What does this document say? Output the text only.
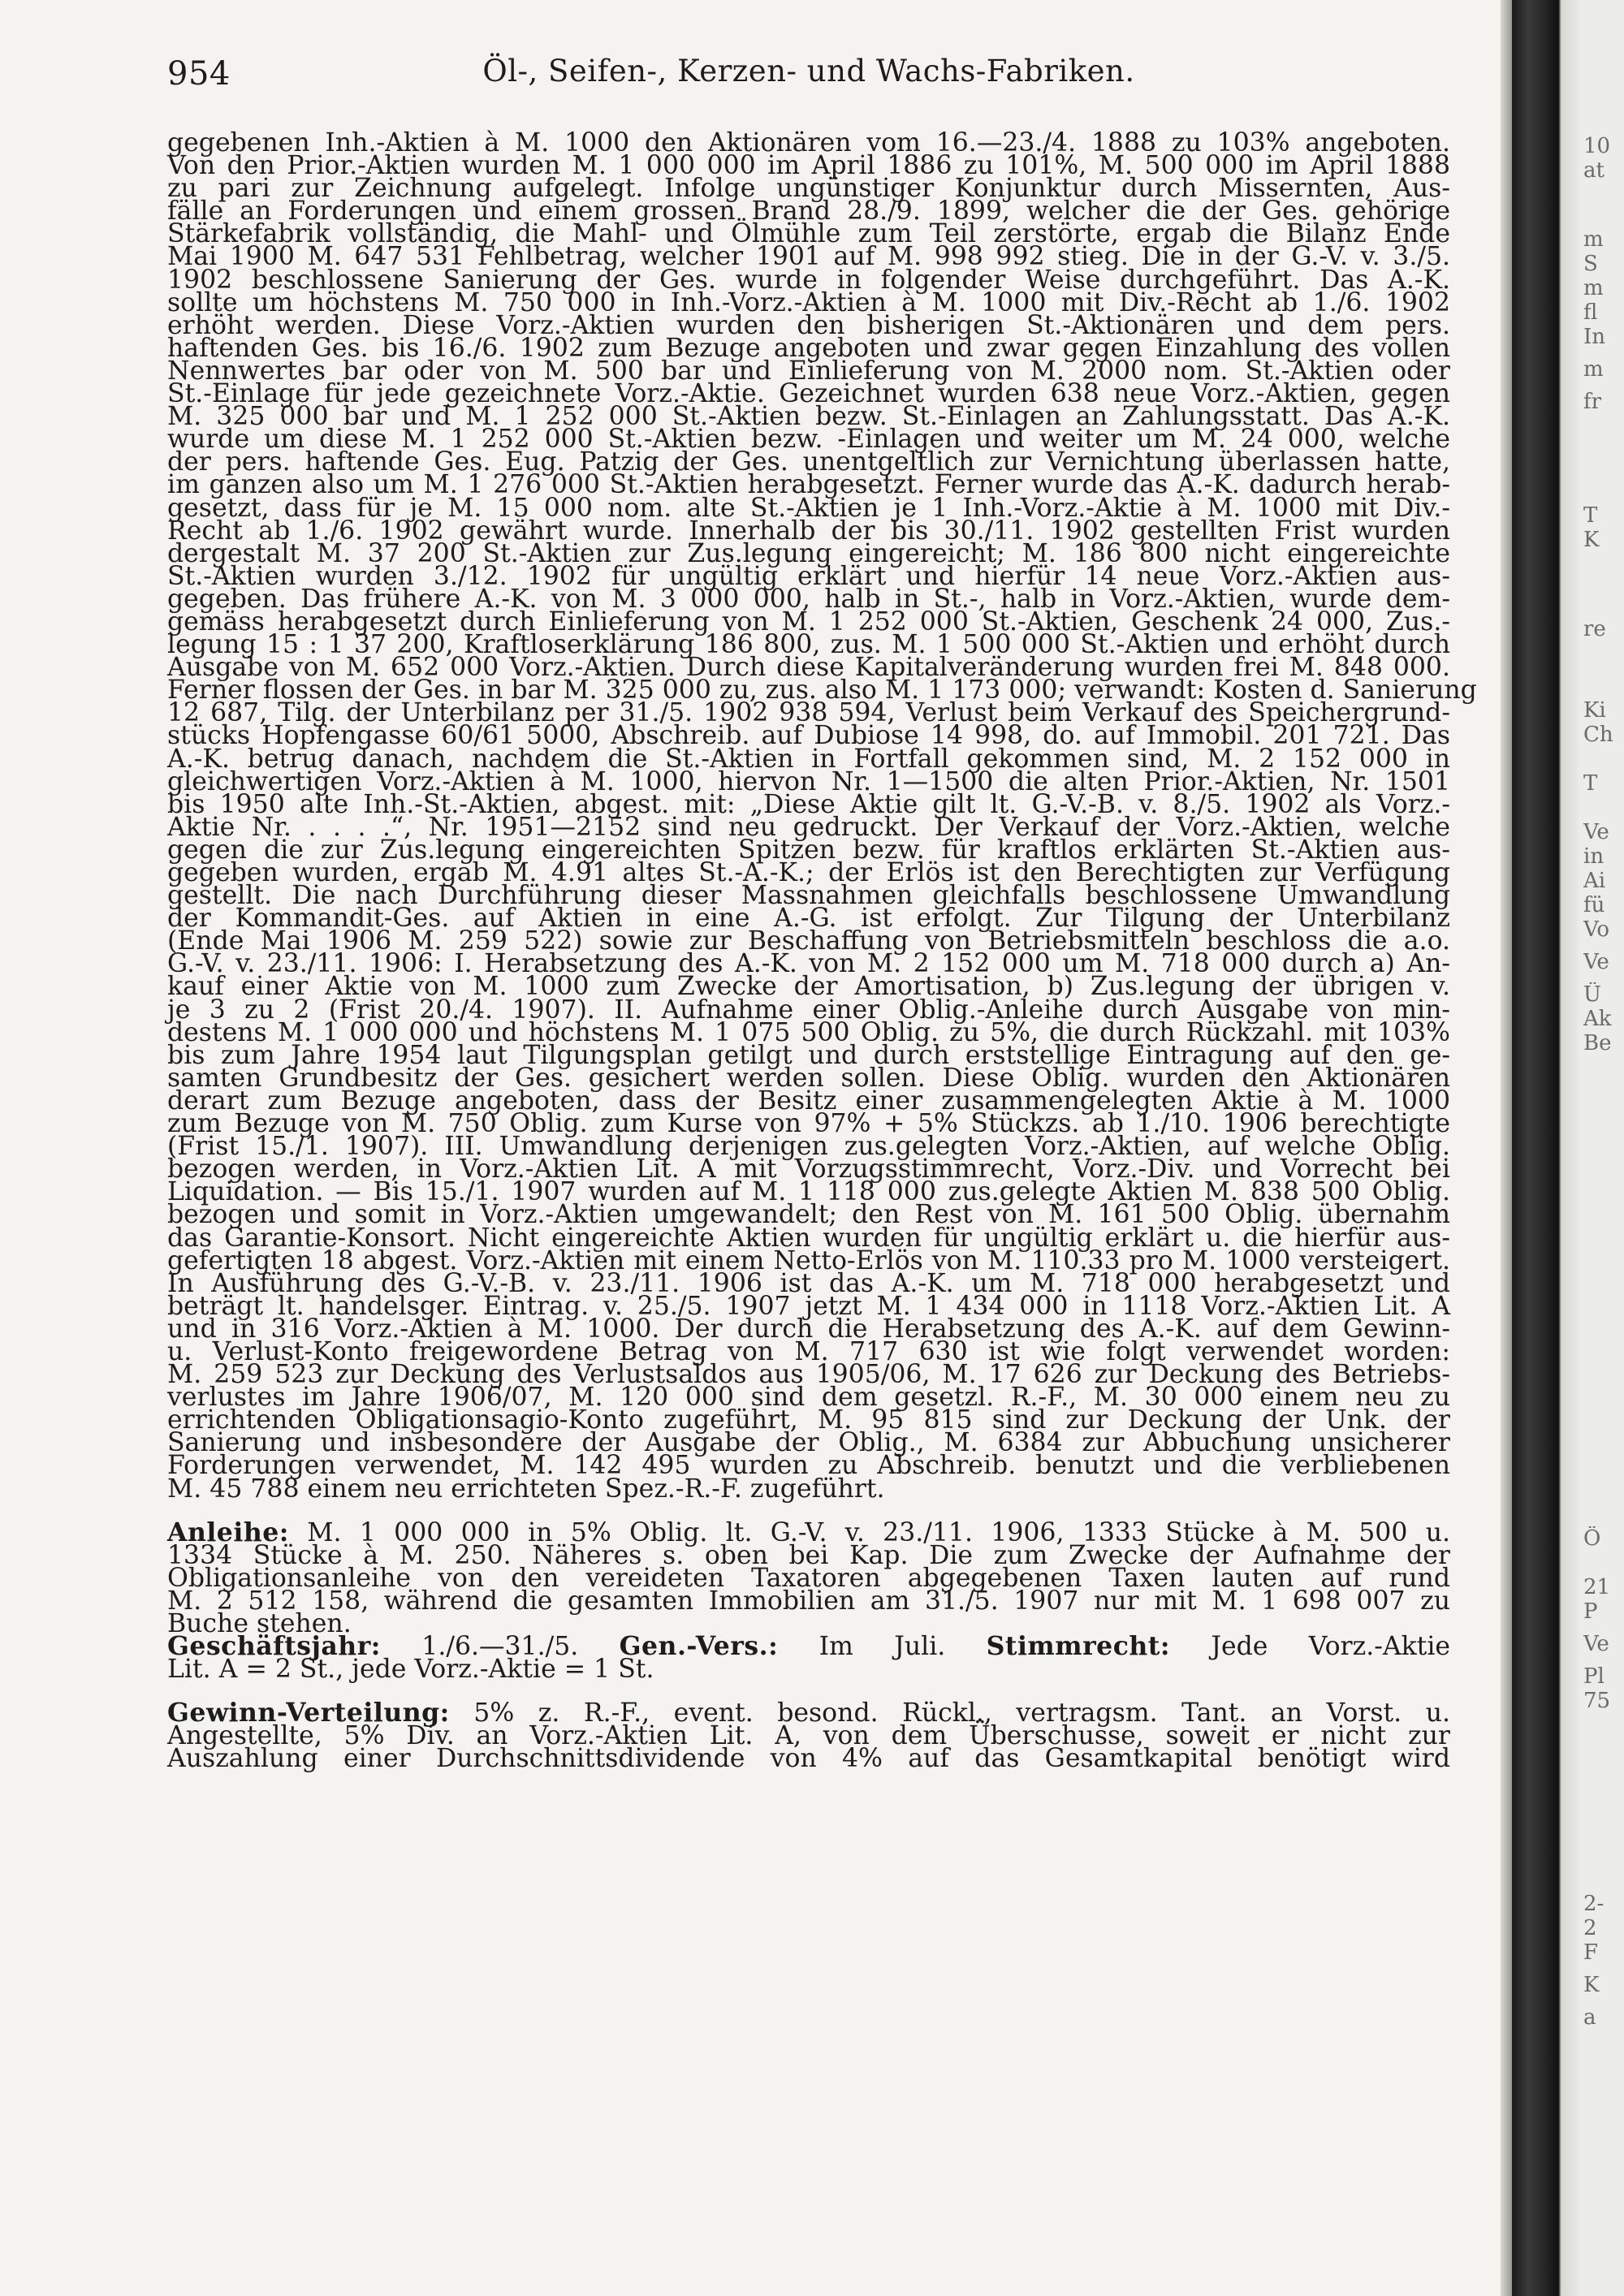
954	Öl-, Seifen-, Kerzen- und Wachs-Fabriken.
gegebenen Inh.-Aktien à M. 1000 den Aktionären vom 16.—23./4. 1888 zu 103% angeboten.
Von den Prior.-Aktien wurden M. 1 000 000 im April 1886 zu 101%, M. 500 000 im April 1888
zu pari zur Zeichnung aufgelegt. Infolge ungünstiger Konjunktur durch Missernten, Aus-
fälle an Forderungen und einem grossen Brand 28./9. 1899, welcher die der Ges. gehörige
Stärkefabrik vollständig, die Mahl- und Ölmühle zum Teil zerstörte, ergab die Bilanz Ende
Mai 1900 M. 647 531 Fehlbetrag, welcher 1901 auf M. 998 992 stieg. Die in der G.-V. v. 3./5.
1902 beschlossene Sanierung der Ges. wurde in folgender Weise durchgeführt. Das A.-K.
sollte um höchstens M. 750 000 in Inh.-Vorz.-Aktien à M. 1000 mit Div.-Recht ab 1./6. 1902
erhöht werden. Diese Vorz.-Aktien wurden den bisherigen St.-Aktionären und dem pers.
haftenden Ges. bis 16./6. 1902 zum Bezuge angeboten und zwar gegen Einzahlung des vollen
Nennwertes bar oder von M. 500 bar und Einlieferung von M. 2000 nom. St.-Aktien oder
St.-Einlage für jede gezeichnete Vorz.-Aktie. Gezeichnet wurden 638 neue Vorz.-Aktien, gegen
M. 325 000 bar und M. 1 252 000 St.-Aktien bezw. St.-Einlagen an Zahlungsstatt. Das A.-K.
wurde um diese M. 1 252 000 St.-Aktien bezw. -Einlagen und weiter um M. 24 000, welche
der pers. haftende Ges. Eug. Patzig der Ges. unentgeltlich zur Vernichtung überlassen hatte,
im ganzen also um M. 1 276 000 St.-Aktien herabgesetzt. Ferner wurde das A.-K. dadurch herab-
gesetzt, dass für je M. 15 000 nom. alte St.-Aktien je 1 Inh.-Vorz.-Aktie à M. 1000 mit Div.-
Recht ab 1./6. 1902 gewährt wurde. Innerhalb der bis 30./11. 1902 gestellten Frist wurden
dergestalt M. 37 200 St.-Aktien zur Zus.legung eingereicht; M. 186 800 nicht eingereichte
St.-Aktien wurden 3./12. 1902 für ungültig erklärt und hierfür 14 neue Vorz.-Aktien aus-
gegeben. Das frühere A.-K. von M. 3 000 000, halb in St.-, halb in Vorz.-Aktien, wurde dem-
gemäss herabgesetzt durch Einlieferung von M. 1 252 000 St.-Aktien, Geschenk 24 000, Zus.-
legung 15 : 1 37 200, Kraftloserklärung 186 800, zus. M. 1 500 000 St.-Aktien und erhöht durch
Ausgabe von M. 652 000 Vorz.-Aktien. Durch diese Kapitalveränderung wurden frei M. 848 000.
Ferner flossen der Ges. in bar M. 325 000 zu, zus. also M. 1 173 000; verwandt: Kosten d. Sanierung
12 687, Tilg. der Unterbilanz per 31./5. 1902 938 594, Verlust beim Verkauf des Speichergrund-
stücks Hopfengasse 60/61 5000, Abschreib. auf Dubiose 14 998, do. auf Immobil. 201 721. Das
A.-K. betrug danach, nachdem die St.-Aktien in Fortfall gekommen sind, M. 2 152 000 in
gleichwertigen Vorz.-Aktien à M. 1000, hiervon Nr. 1—1500 die alten Prior.-Aktien, Nr. 1501
bis 1950 alte Inh.-St.-Aktien, abgest. mit: „Diese Aktie gilt lt. G.-V.-B. v. 8./5. 1902 als Vorz.-
Aktie Nr. . . . .“, Nr. 1951—2152 sind neu gedruckt. Der Verkauf der Vorz.-Aktien, welche
gegen die zur Zus.legung eingereichten Spitzen bezw. für kraftlos erklärten St.-Aktien aus-
gegeben wurden, ergab M. 4.91 altes St.-A.-K.; der Erlös ist den Berechtigten zur Verfügung
gestellt. Die nach Durchführung dieser Massnahmen gleichfalls beschlossene Umwandlung
der Kommandit-Ges. auf Aktien in eine A.-G. ist erfolgt. Zur Tilgung der Unterbilanz
(Ende Mai 1906 M. 259 522) sowie zur Beschaffung von Betriebsmitteln beschloss die a.o.
G.-V. v. 23./11. 1906: I. Herabsetzung des A.-K. von M. 2 152 000 um M. 718 000 durch a) An-
kauf einer Aktie von M. 1000 zum Zwecke der Amortisation, b) Zus.legung der übrigen v.
je 3 zu 2 (Frist 20./4. 1907). II. Aufnahme einer Oblig.-Anleihe durch Ausgabe von min-
destens M. 1 000 000 und höchstens M. 1 075 500 Oblig. zu 5%, die durch Rückzahl. mit 103%
bis zum Jahre 1954 laut Tilgungsplan getilgt und durch erststellige Eintragung auf den ge-
samten Grundbesitz der Ges. gesichert werden sollen. Diese Oblig. wurden den Aktionären
derart zum Bezuge angeboten, dass der Besitz einer zusammengelegten Aktie à M. 1000
zum Bezuge von M. 750 Oblig. zum Kurse von 97% + 5% Stückzs. ab 1./10. 1906 berechtigte
(Frist 15./1. 1907). III. Umwandlung derjenigen zus.gelegten Vorz.-Aktien, auf welche Oblig.
bezogen werden, in Vorz.-Aktien Lit. A mit Vorzugsstimmrecht, Vorz.-Div. und Vorrecht bei
Liquidation. — Bis 15./1. 1907 wurden auf M. 1 118 000 zus.gelegte Aktien M. 838 500 Oblig.
bezogen und somit in Vorz.-Aktien umgewandelt; den Rest von M. 161 500 Oblig. übernahm
das Garantie-Konsort. Nicht eingereichte Aktien wurden für ungültig erklärt u. die hierfür aus-
gefertigten 18 abgest. Vorz.-Aktien mit einem Netto-Erlös von M. 110.33 pro M. 1000 versteigert.
In Ausführung des G.-V.-B. v. 23./11. 1906 ist das A.-K. um M. 718 000 herabgesetzt und
beträgt lt. handelsger. Eintrag. v. 25./5. 1907 jetzt M. 1 434 000 in 1118 Vorz.-Aktien Lit. A
und in 316 Vorz.-Aktien à M. 1000. Der durch die Herabsetzung des A.-K. auf dem Gewinn-
u. Verlust-Konto freigewordene Betrag von M. 717 630 ist wie folgt verwendet worden:
M. 259 523 zur Deckung des Verlustsaldos aus 1905/06, M. 17 626 zur Deckung des Betriebs-
verlustes im Jahre 1906/07, M. 120 000 sind dem gesetzl. R.-F., M. 30 000 einem neu zu
errichtenden Obligationsagio-Konto zugeführt, M. 95 815 sind zur Deckung der Unk. der
Sanierung und insbesondere der Ausgabe der Oblig., M. 6384 zur Abbuchung unsicherer
Forderungen verwendet, M. 142 495 wurden zu Abschreib. benutzt und die verbliebenen
M. 45 788 einem neu errichteten Spez.-R.-F. zugeführt.
Anleihe: M. 1 000 000 in 5% Oblig. lt. G.-V. v. 23./11. 1906, 1333 Stücke à M. 500 u.
1334 Stücke à M. 250. Näheres s. oben bei Kap. Die zum Zwecke der Aufnahme der
Obligationsanleihe von den vereideten Taxatoren abgegebenen Taxen lauten auf rund
M. 2 512 158, während die gesamten Immobilien am 31./5. 1907 nur mit M. 1 698 007 zu
Buche stehen.
Geschäftsjahr: 1./6.—31./5. Gen.-Vers.: Im Juli. Stimmrecht: Jede Vorz.-Aktie
Lit. A = 2 St., jede Vorz.-Aktie = 1 St.
Gewinn-Verteilung: 5% z. R.-F., event. besond. Rückl., vertragsm. Tant. an Vorst. u.
Angestellte, 5% Div. an Vorz.-Aktien Lit. A, von dem Überschusse, soweit er nicht zur
Auszahlung einer Durchschnittsdividende von 4% auf das Gesamtkapital benötigt wird
10
at
m
S
m
fl
In
m
fr
T
K
re
Ki
Ch
T
Ve
in
Ai
fü
Vo
Ve
Ü
Ak
Be
Ö
21
P
Ve
Pl
75
2-
2
F
K
a
